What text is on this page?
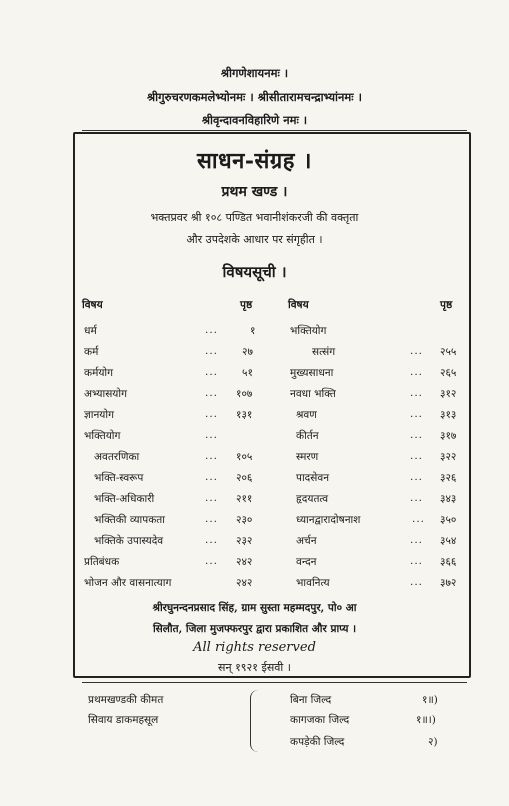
श्रीगणेशायनमः ।
श्रीगुरुचरणकमलेभ्योनमः । श्रीसीतारामचन्द्राभ्यांनमः ।
श्रीवृन्दावनविहारिणे नमः ।
साधन-संग्रह ।
प्रथम खण्ड ।
भक्तप्रवर श्री १०८ पण्डित भवानीशंकरजी की वक्तृता
और उपदेशके आधार पर संगृहीत ।
विषयसूची ।
विषय	पृष्ठ	विषय	पृष्ठ
धर्म	...	१
कर्म	... २७
कर्मयोग	... ५१
अभ्यासयोग	... १०७
ज्ञानयोग	... १३१
भक्तियोग	...
अवतरणिका	... १०५
भक्ति-स्वरूप	... २०६
भक्ति-अधिकारी	... २११
भक्तिकी व्यापकता	... २३०
भक्तिके उपास्यदेव	... २३२
प्रतिबंधक	... २४२
भोजन और वासनात्याग	२४२
भक्तियोग
सत्संग	... २५५
मुख्यसाधना	... २६५
नवधा भक्ति	... ३१२
श्रवण	... ३१३
कीर्तन	... ३१७
स्मरण	... ३२२
पादसेवन	... ३२६
हृदयतत्व	... ३४३
ध्यानद्वारादोषनाश	... ३५०
अर्चन	... ३५४
वन्दन	... ३६६
भावनित्य	... ३७२
श्रीरघुनन्दनप्रसाद सिंह, ग्राम सुस्ता महम्मदपुर, पो० आ
सिलौत, जिला मुजफ्फरपुर द्वारा प्रकाशित और प्राप्य ।
All rights reserved
सन् १९२१ ईसवी ।
प्रथमखण्डकी कीमत
सिवाय डाकमहसूल
बिना जिल्द	१॥)
कागजका जिल्द	१॥।)
कपड़ेकी जिल्द	२)
